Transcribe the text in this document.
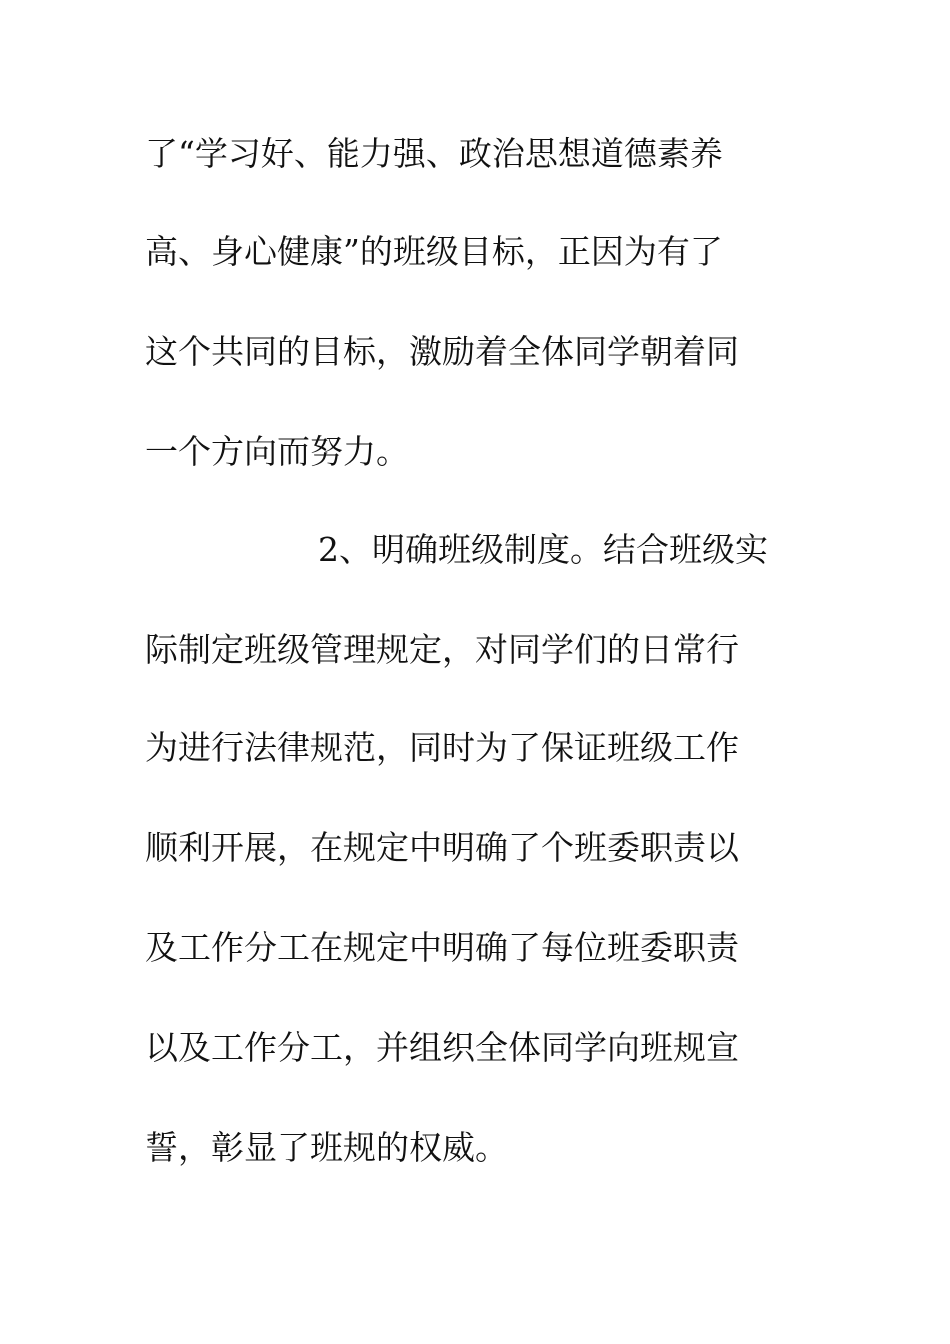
了“学习好、能力强、政治思想道德素养
高、身心健康”的班级目标，正因为有了
这个共同的目标，激励着全体同学朝着同
一个方向而努力。
2、明确班级制度。结合班级实
际制定班级管理规定，对同学们的日常行
为进行法律规范，同时为了保证班级工作
顺利开展，在规定中明确了个班委职责以
及工作分工在规定中明确了每位班委职责
以及工作分工，并组织全体同学向班规宣
誓，彰显了班规的权威。
